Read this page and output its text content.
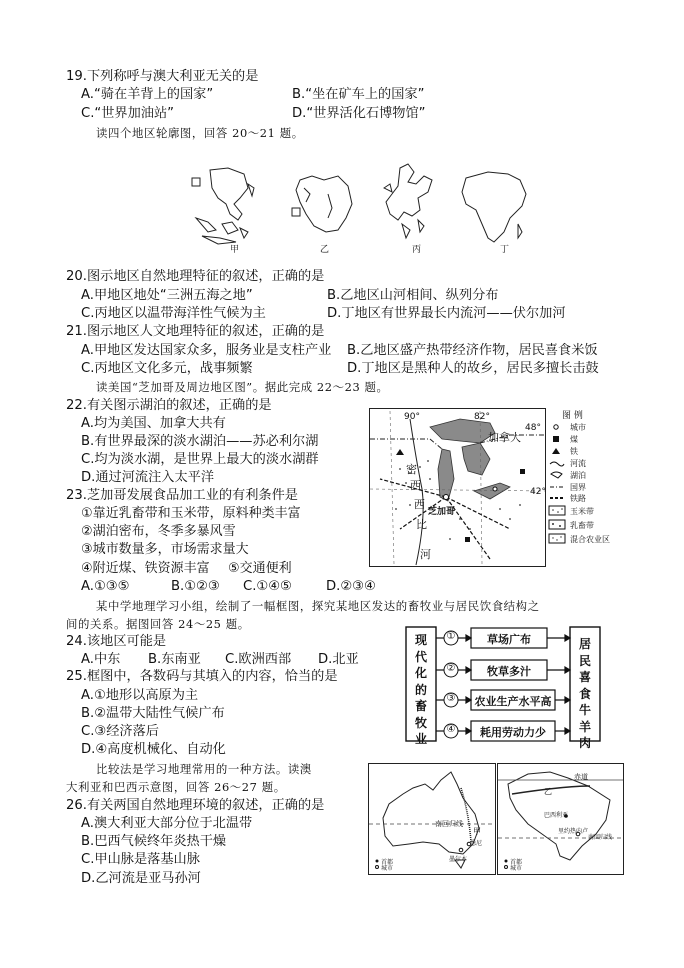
19.下列称呼与澳大利亚无关的是
A.“骑在羊背上的国家”	B.“坐在矿车上的国家”
C.“世界加油站”	D.“世界活化石博物馆”
读四个地区轮廓图，回答 20～21 题。
甲	乙	丙	丁
20.图示地区自然地理特征的叙述，正确的是
A.甲地区地处“三洲五海之地”	B.乙地区山河相间、纵列分布
C.丙地区以温带海洋性气候为主	D.丁地区有世界最长内流河——伏尔加河
21.图示地区人文地理特征的叙述，正确的是
A.甲地区发达国家众多，服务业是支柱产业 B.乙地区盛产热带经济作物，居民喜食米饭
C.丙地区文化多元，战事频繁	D.丁地区是黑种人的故乡，居民多擅长击鼓
读美国“芝加哥及周边地区图”。据此完成 22～23 题。
22.有关图示湖泊的叙述，正确的是
A.均为美国、加拿大共有
B.有世界最深的淡水湖泊——苏必利尔湖
C.均为淡水湖，是世界上最大的淡水湖群
D.通过河流注入太平洋
23.芝加哥发展食品加工业的有利条件是
①靠近乳畜带和玉米带，原料种类丰富
②湖泊密布，冬季多暴风雪
③城市数量多，市场需求量大
④附近煤、铁资源丰富 ⑤交通便利
A.①③⑤	B.①②③ C.①④⑤	D.②③④
90°	82°
48°
42°
加拿大
芝加哥
密
西
西
比
河
图 例
城市
煤
铁
河流
湖泊
国界
铁路
玉米带
乳畜带
混合农业区
某中学地理学习小组，绘制了一幅框图，探究某地区发达的畜牧业与居民饮食结构之
现代化的畜牧业
居民喜食牛羊肉
①
②
③
④
草场广布
牧草多汁
农业生产水平高
耗用劳动力少
24.该地区可能是
A.中东 B.东南亚 C.欧洲西部 D.北亚
25.框图中，各数码与其填入的内容，恰当的是
A.①地形以高原为主
B.②温带大陆性气候广布
C.③经济落后
D.④高度机械化、自动化
比较法是学习地理常用的一种方法。读澳
大利亚和巴西示意图，回答 26～27 题。
南回归线
甲
悉尼
墨尔本
首都
城市
赤道
乙
巴西利亚
里约热内卢
南回归线
首都
城市
26.有关两国自然地理环境的叙述，正确的是
A.澳大利亚大部分位于北温带
B.巴西气候终年炎热干燥
C.甲山脉是落基山脉
D.乙河流是亚马孙河
间的关系。据图回答 24～25 题。
